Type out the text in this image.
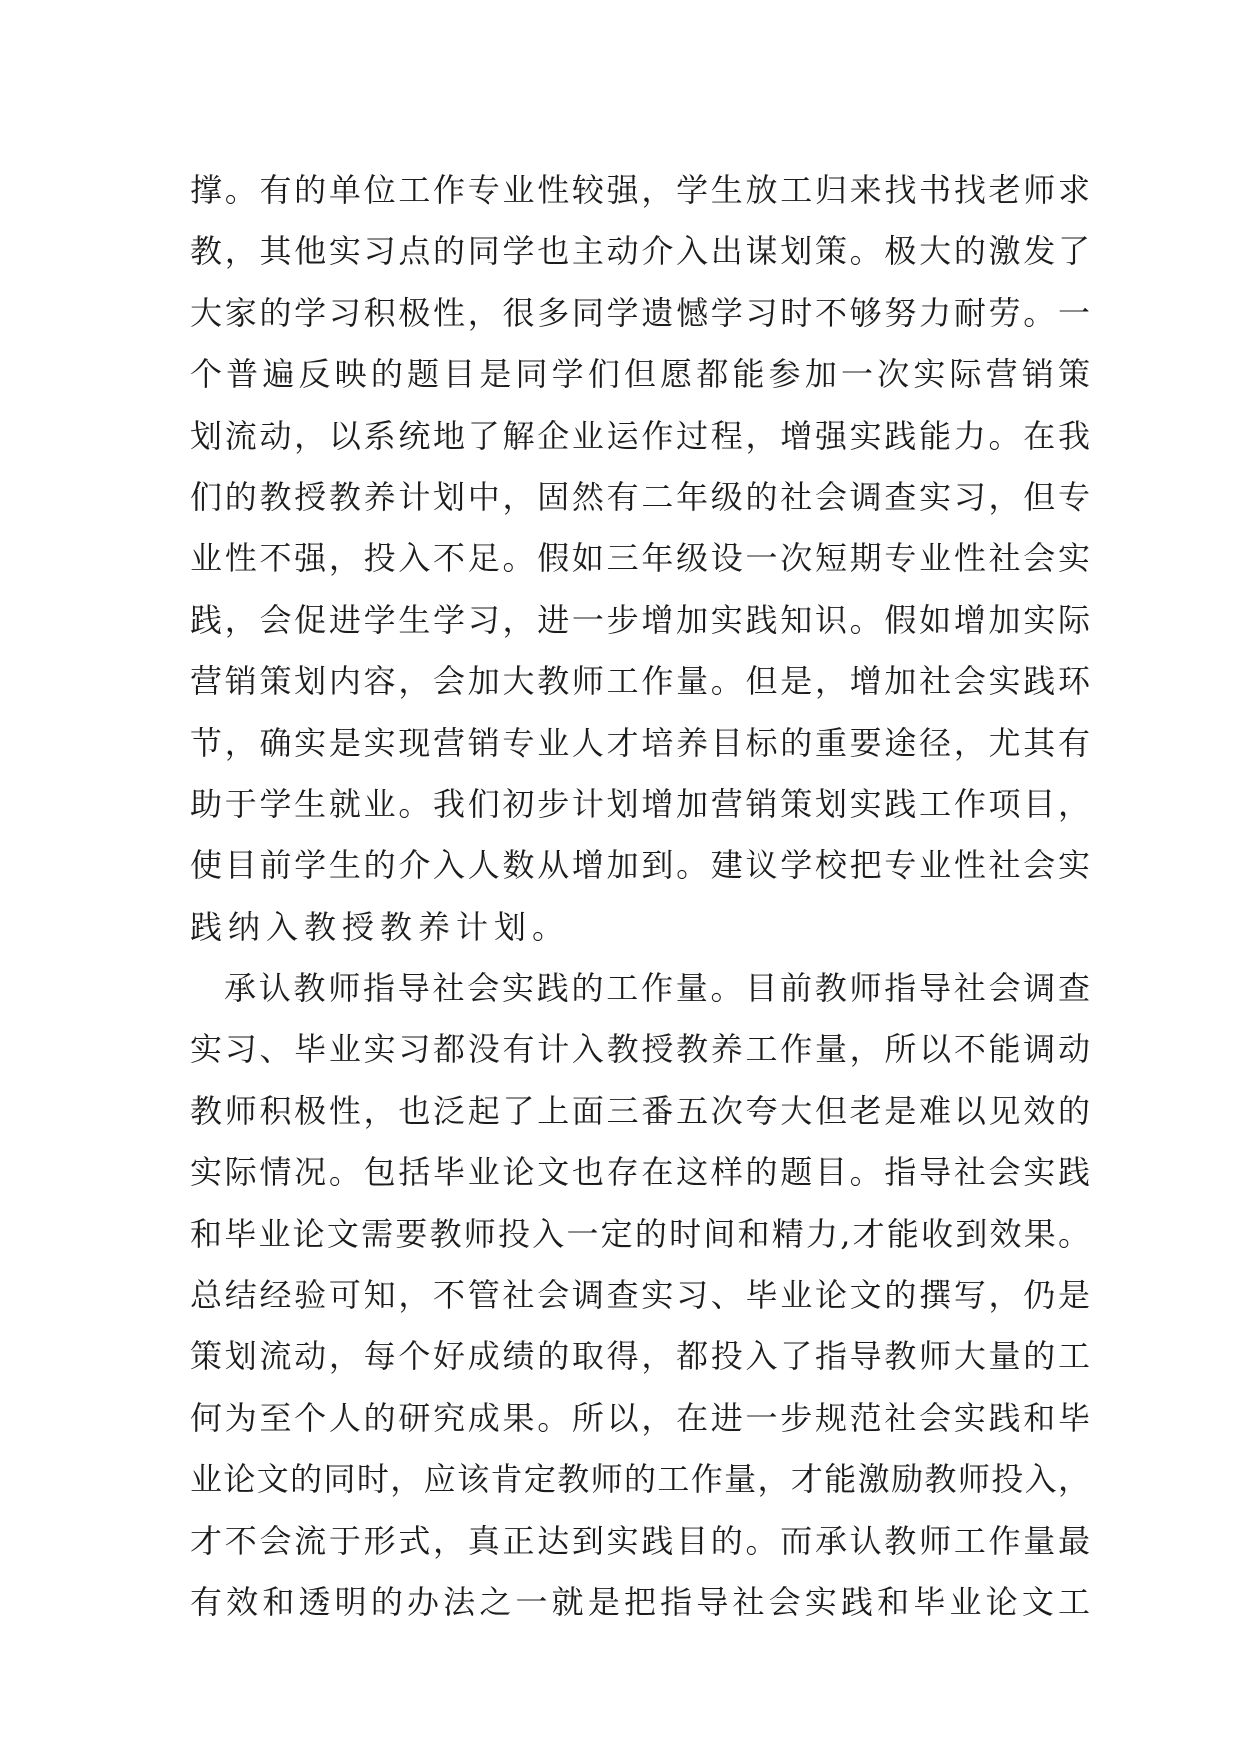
撑。有的单位工作专业性较强，学生放工归来找书找老师求
教，其他实习点的同学也主动介入出谋划策。极大的激发了
大家的学习积极性，很多同学遗憾学习时不够努力耐劳。一
个普遍反映的题目是同学们但愿都能参加一次实际营销策
划流动，以系统地了解企业运作过程，增强实践能力。在我
们的教授教养计划中，固然有二年级的社会调查实习，但专
业性不强，投入不足。假如三年级设一次短期专业性社会实
践，会促进学生学习，进一步增加实践知识。假如增加实际
营销策划内容，会加大教师工作量。但是，增加社会实践环
节，确实是实现营销专业人才培养目标的重要途径，尤其有
助于学生就业。我们初步计划增加营销策划实践工作项目，
使目前学生的介入人数从增加到。建议学校把专业性社会实
践纳入教授教养计划。
承认教师指导社会实践的工作量。目前教师指导社会调查
实习、毕业实习都没有计入教授教养工作量，所以不能调动
教师积极性，也泛起了上面三番五次夸大但老是难以见效的
实际情况。包括毕业论文也存在这样的题目。指导社会实践
和毕业论文需要教师投入一定的时间和精力,才能收到效果。
总结经验可知，不管社会调查实习、毕业论文的撰写，仍是
策划流动，每个好成绩的取得，都投入了指导教师大量的工
何为至个人的研究成果。所以，在进一步规范社会实践和毕
业论文的同时，应该肯定教师的工作量，才能激励教师投入，
才不会流于形式，真正达到实践目的。而承认教师工作量最
有效和透明的办法之一就是把指导社会实践和毕业论文工
